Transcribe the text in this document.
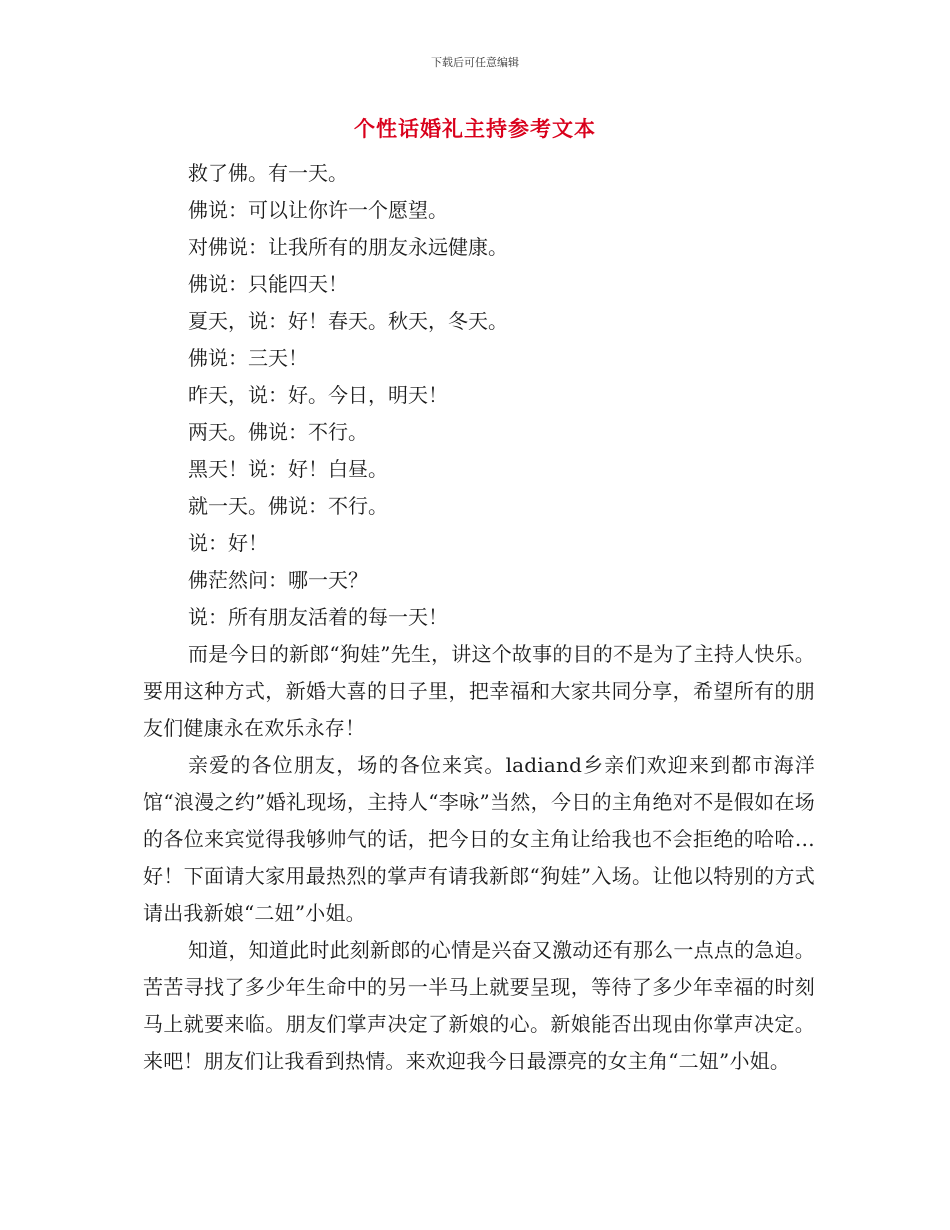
下载后可任意编辑
个性话婚礼主持参考文本

救了佛。有一天。

佛说：可以让你许一个愿望。

对佛说：让我所有的朋友永远健康。

佛说：只能四天！

夏天，说：好！春天。秋天，冬天。

佛说：三天！

昨天，说：好。今日，明天！

两天。佛说：不行。

黑天！说：好！白昼。

就一天。佛说：不行。

说：好！

佛茫然问：哪一天？

说：所有朋友活着的每一天！

而是今日的新郎“狗娃”先生，讲这个故事的目的不是为了主持人快乐。要用这种方式，新婚大喜的日子里，把幸福和大家共同分享，希望所有的朋友们健康永在欢乐永存！

亲爱的各位朋友，场的各位来宾。ladiand乡亲们欢迎来到都市海洋馆“浪漫之约”婚礼现场，主持人“李咏”当然，今日的主角绝对不是假如在场的各位来宾觉得我够帅气的话，把今日的女主角让给我也不会拒绝的哈哈…好！下面请大家用最热烈的掌声有请我新郎“狗娃”入场。让他以特别的方式请出我新娘“二妞”小姐。

知道，知道此时此刻新郎的心情是兴奋又激动还有那么一点点的急迫。苦苦寻找了多少年生命中的另一半马上就要呈现，等待了多少年幸福的时刻马上就要来临。朋友们掌声决定了新娘的心。新娘能否出现由你掌声决定。来吧！朋友们让我看到热情。来欢迎我今日最漂亮的女主角“二妞”小姐。
